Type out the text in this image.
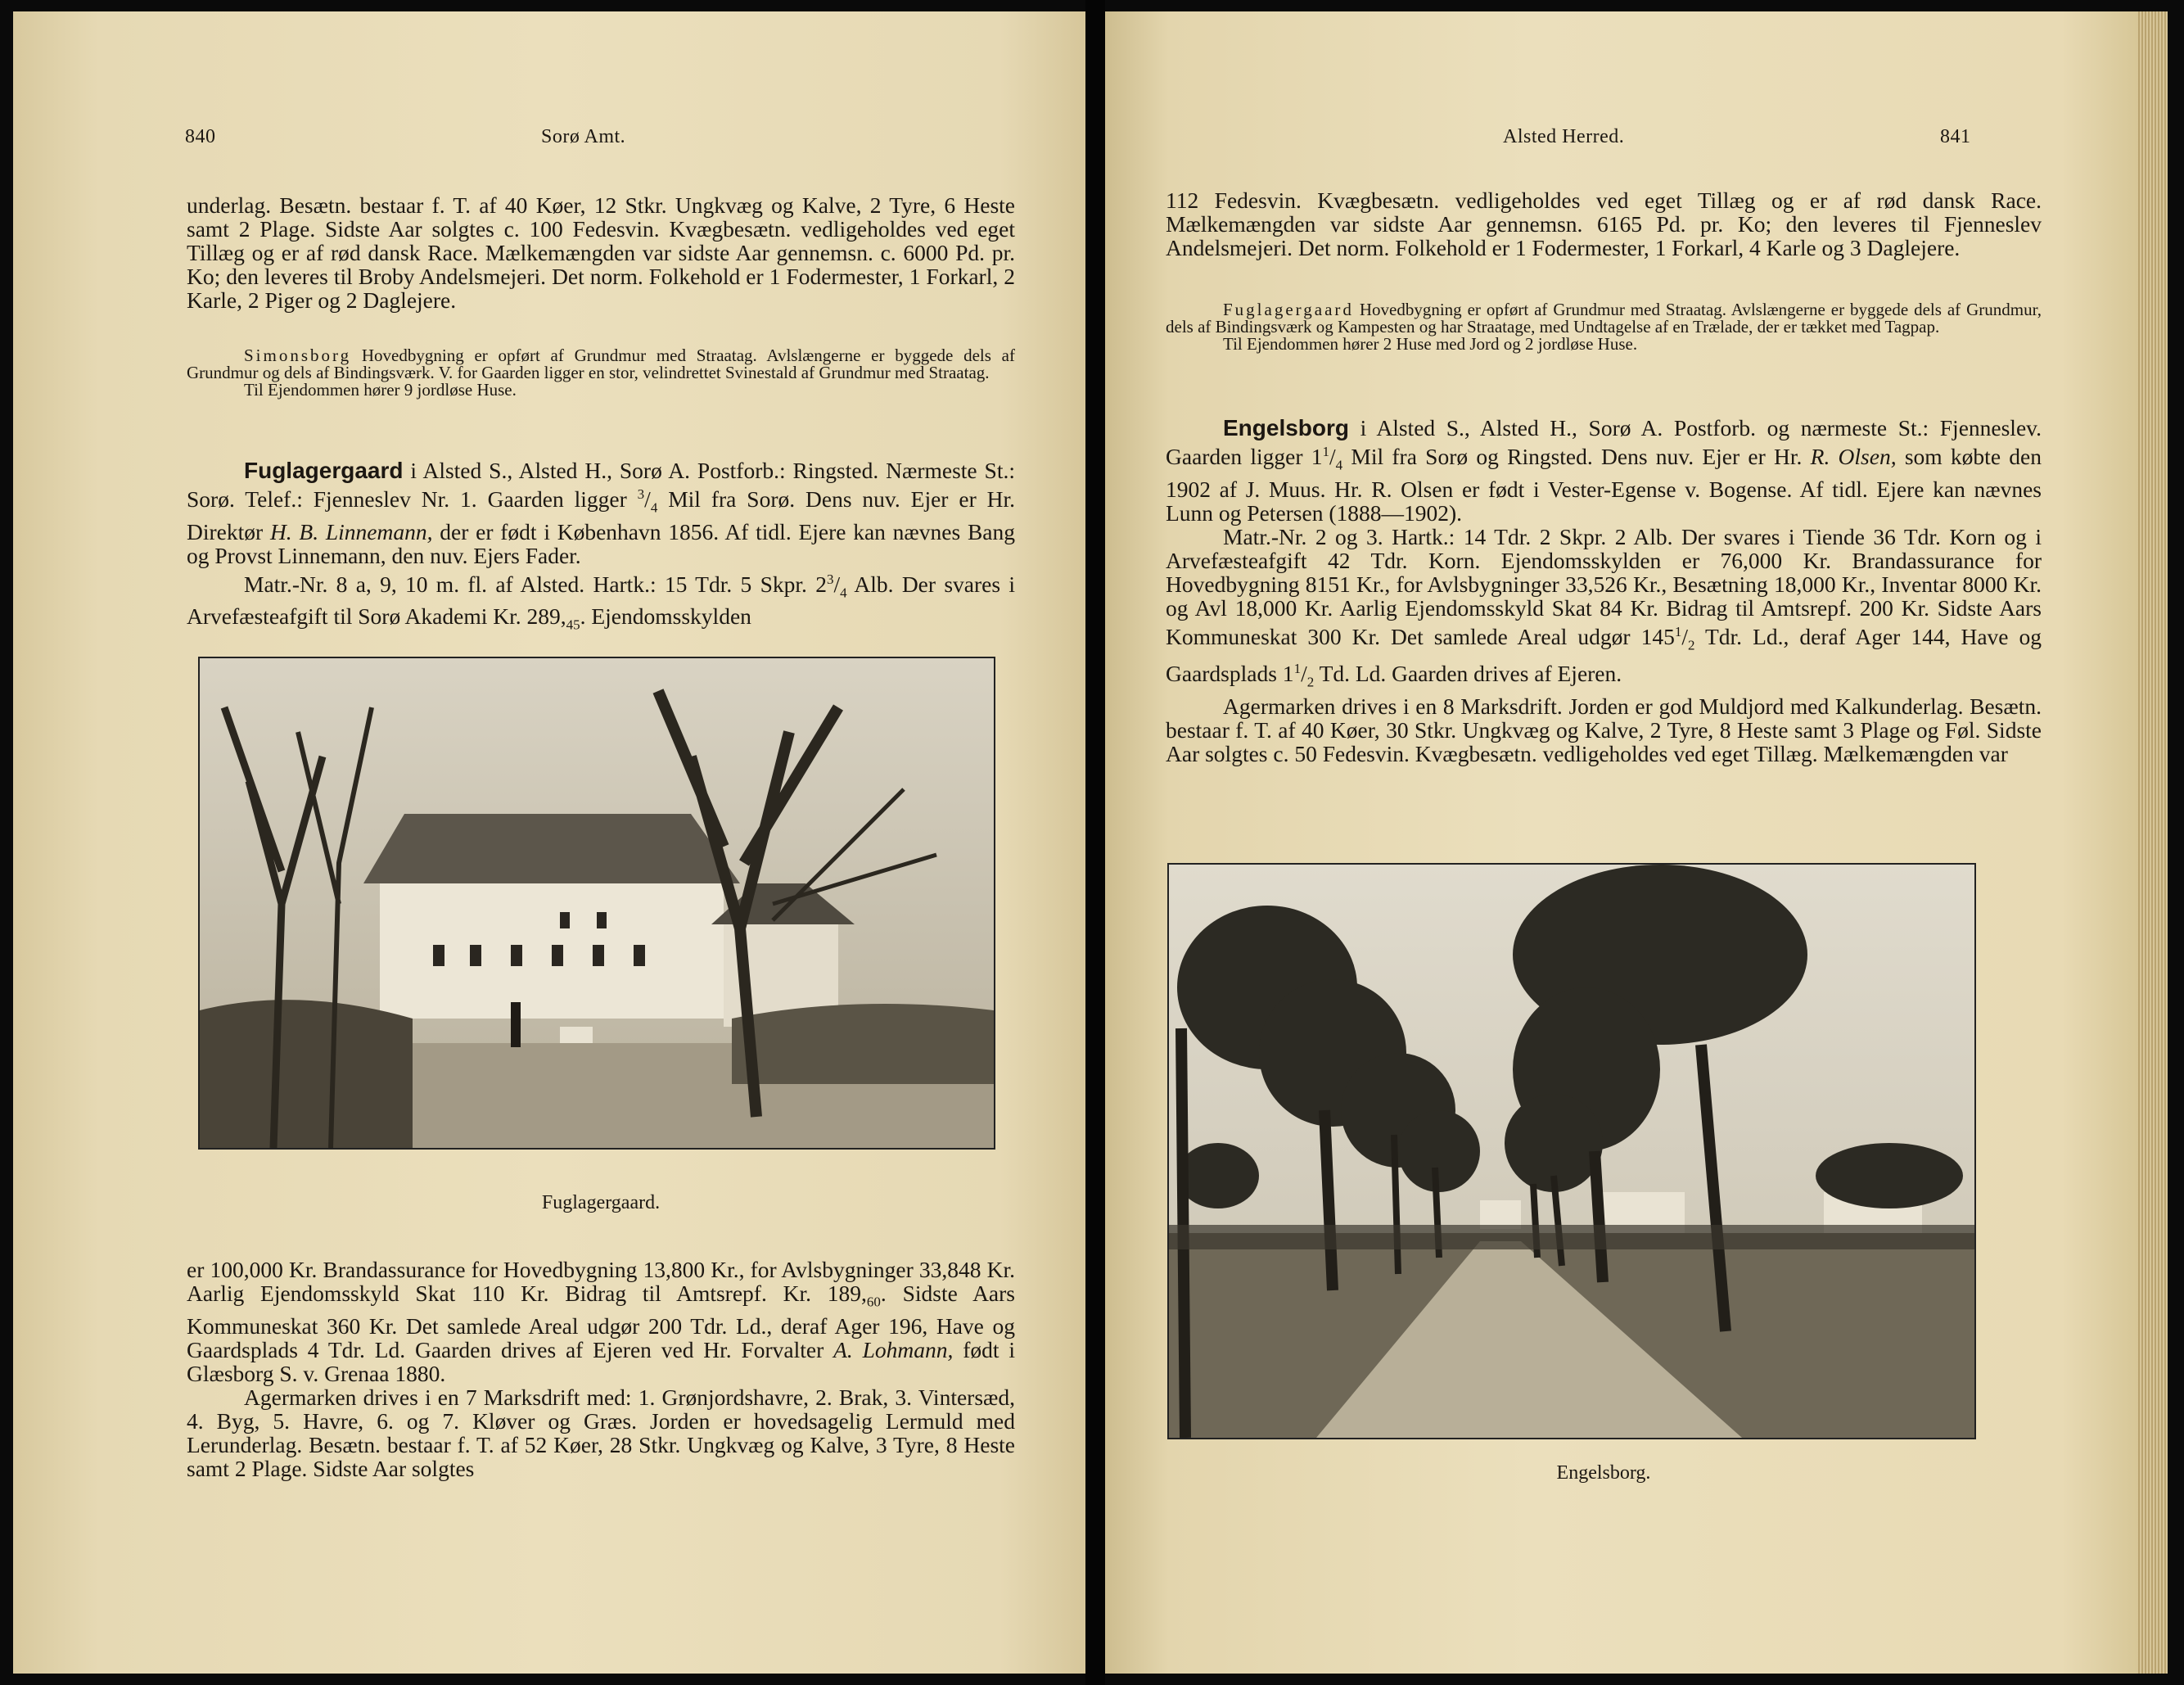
840	Sorø Amt.

underlag. Besætn. bestaar f. T. af 40 Køer, 12 Stkr. Ungkvæg og Kalve, 2 Tyre, 6 Heste samt 2 Plage. Sidste Aar solgtes c. 100 Fedesvin. Kvægbesætn. vedligeholdes ved eget Tillæg og er af rød dansk Race. Mælkemængden var sidste Aar gennemsn. c. 6000 Pd. pr. Ko; den leveres til Broby Andelsmejeri. Det norm. Folkehold er 1 Fodermester, 1 Forkarl, 2 Karle, 2 Piger og 2 Daglejere.

Simonsborg Hovedbygning er opført af Grundmur med Straatag. Avlslængerne er byggede dels af Grundmur og dels af Bindingsværk. V. for Gaarden ligger en stor, velindrettet Svinestald af Grundmur med Straatag.

Til Ejendommen hører 9 jordløse Huse.

Fuglagergaard i Alsted S., Alsted H., Sorø A. Postforb.: Ringsted. Nærmeste St.: Sorø. Telef.: Fjenneslev Nr. 1. Gaarden ligger $^3/_4$ Mil fra Sorø. Dens nuv. Ejer er Hr. Direktør H. B. Linnemann, der er født i København 1856. Af tidl. Ejere kan nævnes Bang og Provst Linnemann, den nuv. Ejers Fader.

Matr.-Nr. 8 a, 9, 10 m. fl. af Alsted. Hartk.: 15 Tdr. 5 Skpr. $2^3/_4$ Alb. Der svares i Arvefæsteafgift til Sorø Akademi Kr. $289,_{45}$. Ejendomsskylden

Fuglagergaard.

er 100,000 Kr. Brandassurance for Hovedbygning 13,800 Kr., for Avlsbygninger 33,848 Kr. Aarlig Ejendomsskyld Skat 110 Kr. Bidrag til Amtsrepf. Kr. $189,_{60}$. Sidste Aars Kommuneskat 360 Kr. Det samlede Areal udgør 200 Tdr. Ld., deraf Ager 196, Have og Gaardsplads 4 Tdr. Ld. Gaarden drives af Ejeren ved Hr. Forvalter A. Lohmann, født i Glæsborg S. v. Grenaa 1880.

Agermarken drives i en 7 Marksdrift med: 1. Grønjordshavre, 2. Brak, 3. Vintersæd, 4. Byg, 5. Havre, 6. og 7. Kløver og Græs. Jorden er hovedsagelig Lermuld med Lerunderlag. Besætn. bestaar f. T. af 52 Køer, 28 Stkr. Ungkvæg og Kalve, 3 Tyre, 8 Heste samt 2 Plage. Sidste Aar solgtes

Alsted Herred.	841

112 Fedesvin. Kvægbesætn. vedligeholdes ved eget Tillæg og er af rød dansk Race. Mælkemængden var sidste Aar gennemsn. 6165 Pd. pr. Ko; den leveres til Fjenneslev Andelsmejeri. Det norm. Folkehold er 1 Fodermester, 1 Forkarl, 4 Karle og 3 Daglejere.

Fuglagergaard Hovedbygning er opført af Grundmur med Straatag. Avlslængerne er byggede dels af Grundmur, dels af Bindingsværk og Kampesten og har Straatage, med Undtagelse af en Trælade, der er tækket med Tagpap.

Til Ejendommen hører 2 Huse med Jord og 2 jordløse Huse.

Engelsborg i Alsted S., Alsted H., Sorø A. Postforb. og nærmeste St.: Fjenneslev. Gaarden ligger $1^1/_4$ Mil fra Sorø og Ringsted. Dens nuv. Ejer er Hr. R. Olsen, som købte den 1902 af J. Muus. Hr. R. Olsen er født i Vester-Egense v. Bogense. Af tidl. Ejere kan nævnes Lunn og Petersen (1888—1902).

Matr.-Nr. 2 og 3. Hartk.: 14 Tdr. 2 Skpr. 2 Alb. Der svares i Tiende 36 Tdr. Korn og i Arvefæsteafgift 42 Tdr. Korn. Ejendomsskylden er 76,000 Kr. Brandassurance for Hovedbygning 8151 Kr., for Avlsbygninger 33,526 Kr., Besætning 18,000 Kr., Inventar 8000 Kr. og Avl 18,000 Kr. Aarlig Ejendomsskyld Skat 84 Kr. Bidrag til Amtsrepf. 200 Kr. Sidste Aars Kommuneskat 300 Kr. Det samlede Areal udgør $145^1/_2$ Tdr. Ld., deraf Ager 144, Have og Gaardsplads $1^1/_2$ Td. Ld. Gaarden drives af Ejeren.

Agermarken drives i en 8 Marksdrift. Jorden er god Muldjord med Kalkunderlag. Besætn. bestaar f. T. af 40 Køer, 30 Stkr. Ungkvæg og Kalve, 2 Tyre, 8 Heste samt 3 Plage og Føl. Sidste Aar solgtes c. 50 Fedesvin. Kvægbesætn. vedligeholdes ved eget Tillæg. Mælkemængden var

Engelsborg.
